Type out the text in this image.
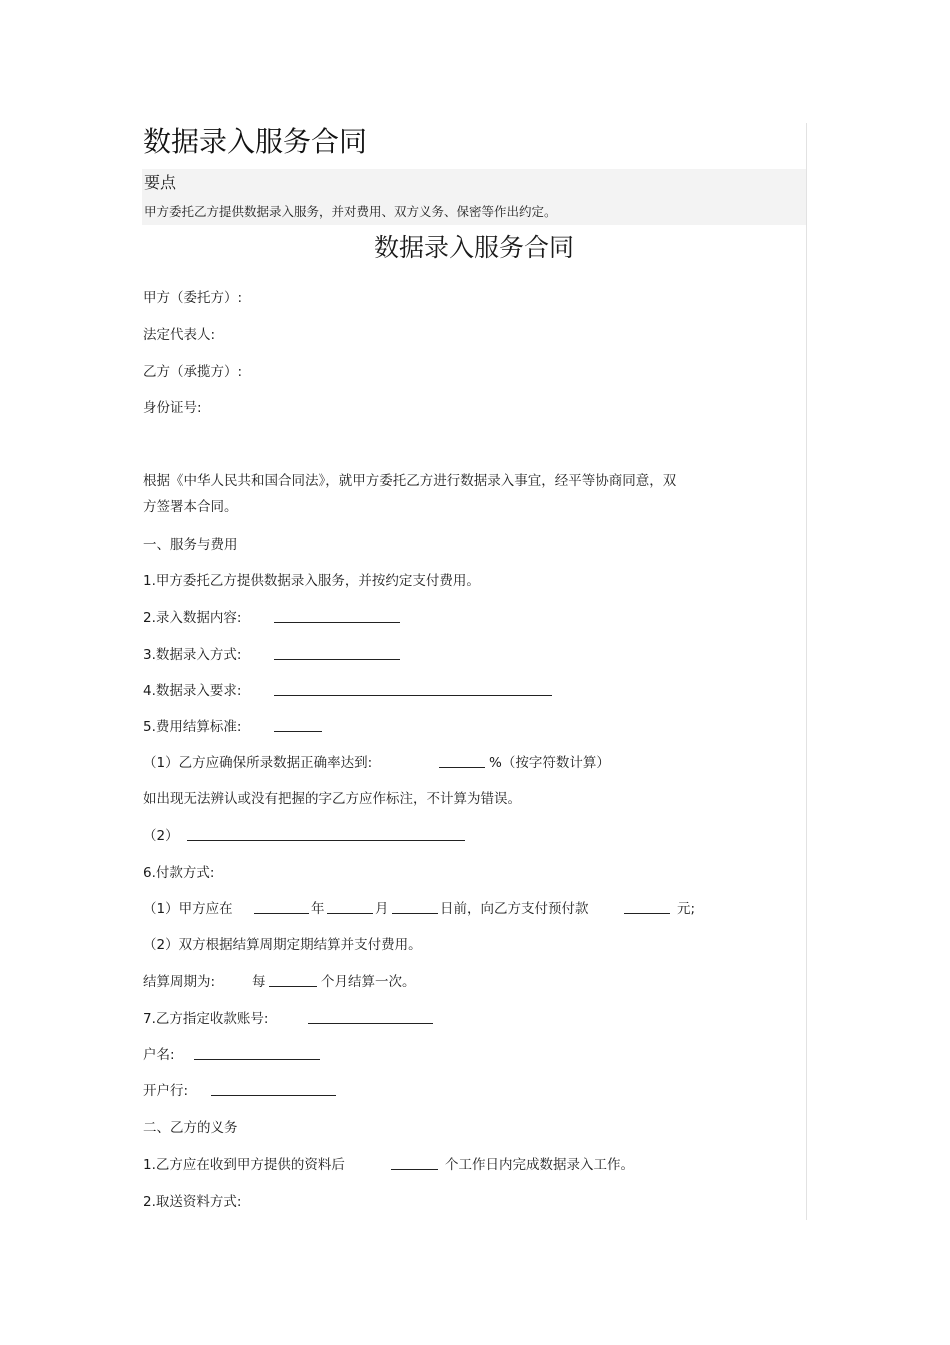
数据录入服务合同
要点
甲方委托乙方提供数据录入服务，并对费用、双方义务、保密等作出约定。
数据录入服务合同
甲方（委托方）:
法定代表人:
乙方（承揽方）:
身份证号:
根据《中华人民共和国合同法》，就甲方委托乙方进行数据录入事宜，经平等协商同意，双
方签署本合同。
一、服务与费用
1.甲方委托乙方提供数据录入服务，并按约定支付费用。
2.录入数据内容:
3.数据录入方式:
4.数据录入要求:
5.费用结算标准:
（1）乙方应确保所录数据正确率达到:	%（按字符数计算）
如出现无法辨认或没有把握的字乙方应作标注，不计算为错误。
（2）
6.付款方式:
（1）甲方应在	年	月	日前，向乙方支付预付款	元;
（2）双方根据结算周期定期结算并支付费用。
结算周期为:	每	个月结算一次。
7.乙方指定收款账号:
户名:
开户行:
二、乙方的义务
1.乙方应在收到甲方提供的资料后	个工作日内完成数据录入工作。
2.取送资料方式:
